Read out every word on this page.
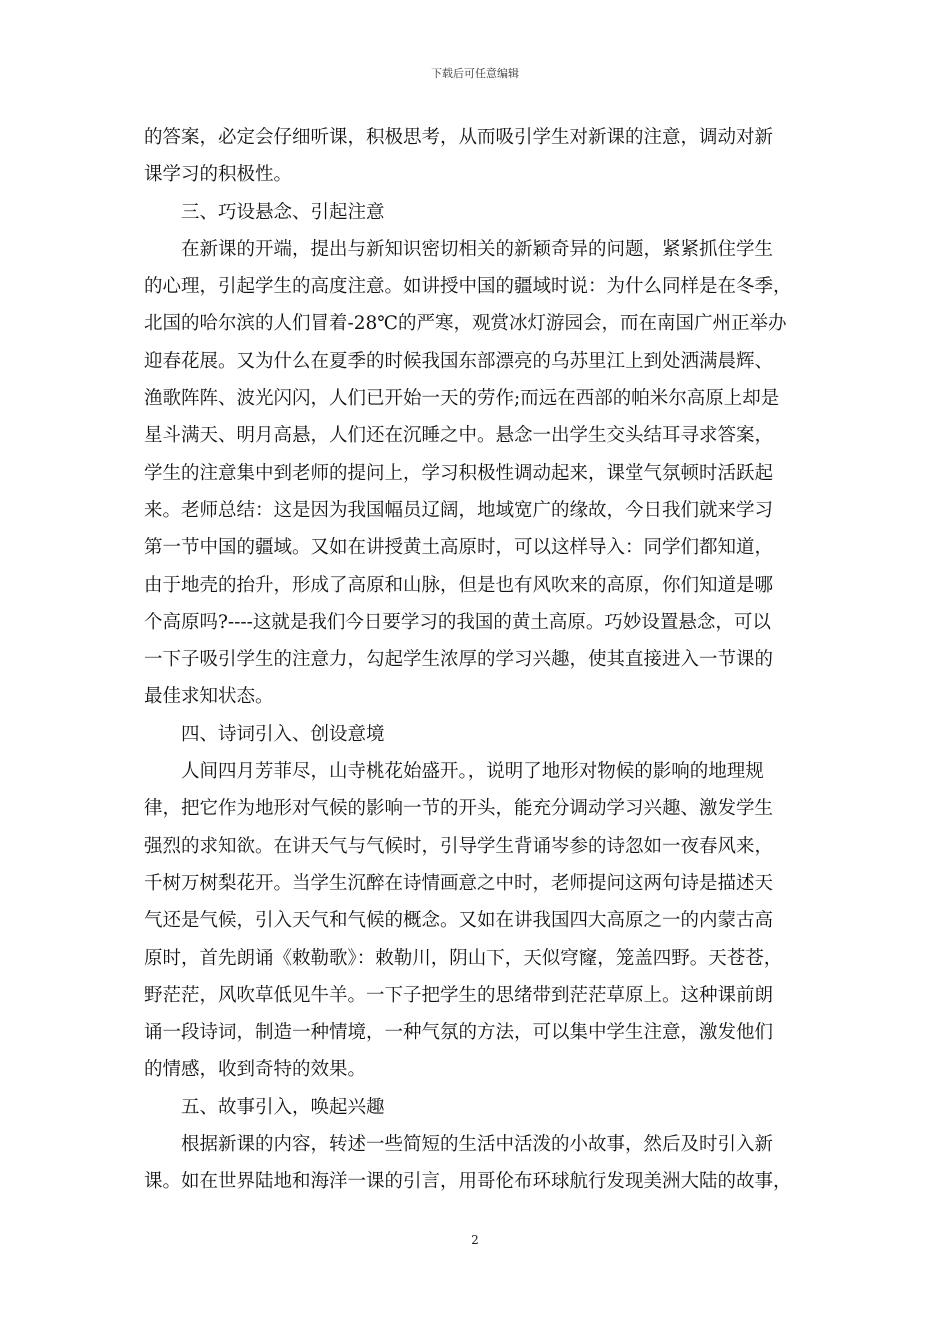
下载后可任意编辑
的答案，必定会仔细听课，积极思考，从而吸引学生对新课的注意，调动对新
课学习的积极性。
三、巧设悬念、引起注意
在新课的开端，提出与新知识密切相关的新颖奇异的问题，紧紧抓住学生
的心理，引起学生的高度注意。如讲授中国的疆域时说：为什么同样是在冬季，
北国的哈尔滨的人们冒着-28℃的严寒，观赏冰灯游园会，而在南国广州正举办
迎春花展。又为什么在夏季的时候我国东部漂亮的乌苏里江上到处洒满晨辉、
渔歌阵阵、波光闪闪，人们已开始一天的劳作;而远在西部的帕米尔高原上却是
星斗满天、明月高悬，人们还在沉睡之中。悬念一出学生交头结耳寻求答案，
学生的注意集中到老师的提问上，学习积极性调动起来，课堂气氛顿时活跃起
来。老师总结：这是因为我国幅员辽阔，地域宽广的缘故，今日我们就来学习
第一节中国的疆域。又如在讲授黄土高原时，可以这样导入：同学们都知道，
由于地壳的抬升，形成了高原和山脉，但是也有风吹来的高原，你们知道是哪
个高原吗?----这就是我们今日要学习的我国的黄土高原。巧妙设置悬念，可以
一下子吸引学生的注意力，勾起学生浓厚的学习兴趣，使其直接进入一节课的
最佳求知状态。
四、诗词引入、创设意境
人间四月芳菲尽，山寺桃花始盛开。，说明了地形对物候的影响的地理规
律，把它作为地形对气候的影响一节的开头，能充分调动学习兴趣、激发学生
强烈的求知欲。在讲天气与气候时，引导学生背诵岑参的诗忽如一夜春风来，
千树万树梨花开。当学生沉醉在诗情画意之中时，老师提问这两句诗是描述天
气还是气候，引入天气和气候的概念。又如在讲我国四大高原之一的内蒙古高
原时，首先朗诵《敕勒歌》：敕勒川，阴山下，天似穹窿，笼盖四野。天苍苍，
野茫茫，风吹草低见牛羊。一下子把学生的思绪带到茫茫草原上。这种课前朗
诵一段诗词，制造一种情境，一种气氛的方法，可以集中学生注意，激发他们
的情感，收到奇特的效果。
五、故事引入，唤起兴趣
根据新课的内容，转述一些简短的生活中活泼的小故事，然后及时引入新
课。如在世界陆地和海洋一课的引言，用哥伦布环球航行发现美洲大陆的故事，
2
